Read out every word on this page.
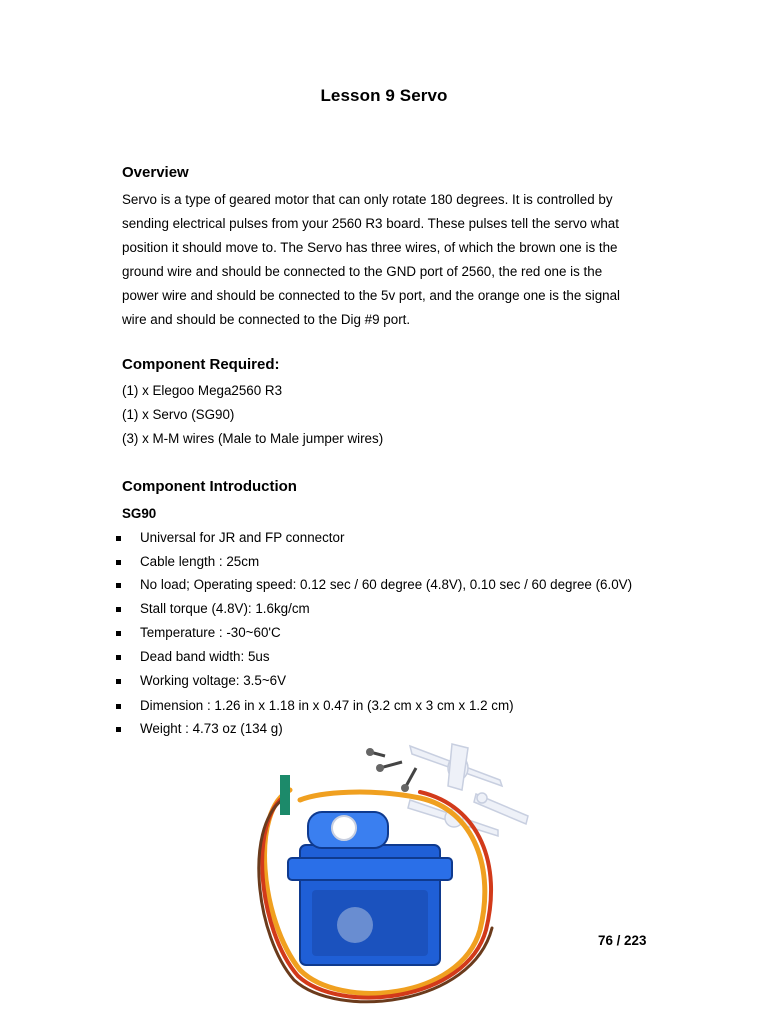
Lesson 9 Servo
Overview
Servo is a type of geared motor that can only rotate 180 degrees. It is controlled by
sending electrical pulses from your 2560 R3 board. These pulses tell the servo what
position it should move to. The Servo has three wires, of which the brown one is the
ground wire and should be connected to the GND port of 2560, the red one is the
power wire and should be connected to the 5v port, and the orange one is the signal
wire and should be connected to the Dig #9 port.
Component Required:
(1) x Elegoo Mega2560 R3
(1) x Servo (SG90)
(3) x M-M wires (Male to Male jumper wires)
Component Introduction
SG90
Universal for JR and FP connector
Cable length : 25cm
No load; Operating speed: 0.12 sec / 60 degree (4.8V), 0.10 sec / 60 degree (6.0V)
Stall torque (4.8V): 1.6kg/cm
Temperature : -30~60'C
Dead band width: 5us
Working voltage: 3.5~6V
Dimension : 1.26 in x 1.18 in x 0.47 in (3.2 cm x 3 cm x 1.2 cm)
Weight : 4.73 oz (134 g)
76 / 223
